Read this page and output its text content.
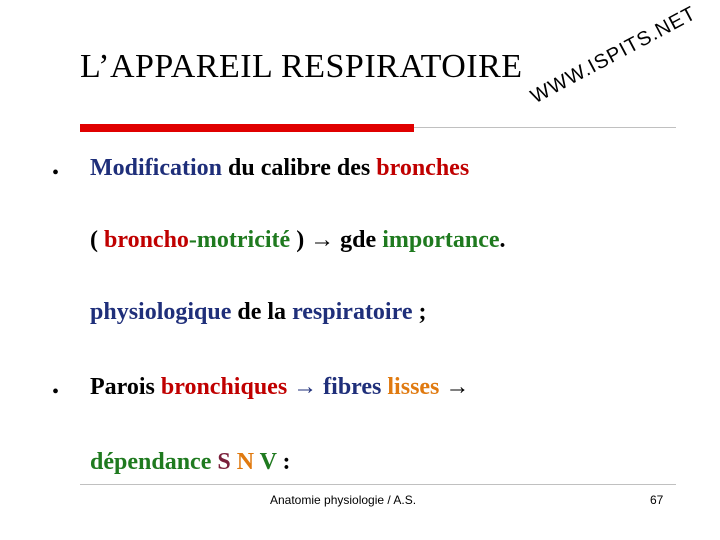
L’APPAREIL RESPIRATOIRE WWW.ISPITS.NET
• Modification du calibre des bronches
( broncho-motricité ) → gde importance.
physiologique de la respiratoire ;
• Parois bronchiques → fibres lisses →
dépendance S N V :
Anatomie physiologie / A.S.	67
